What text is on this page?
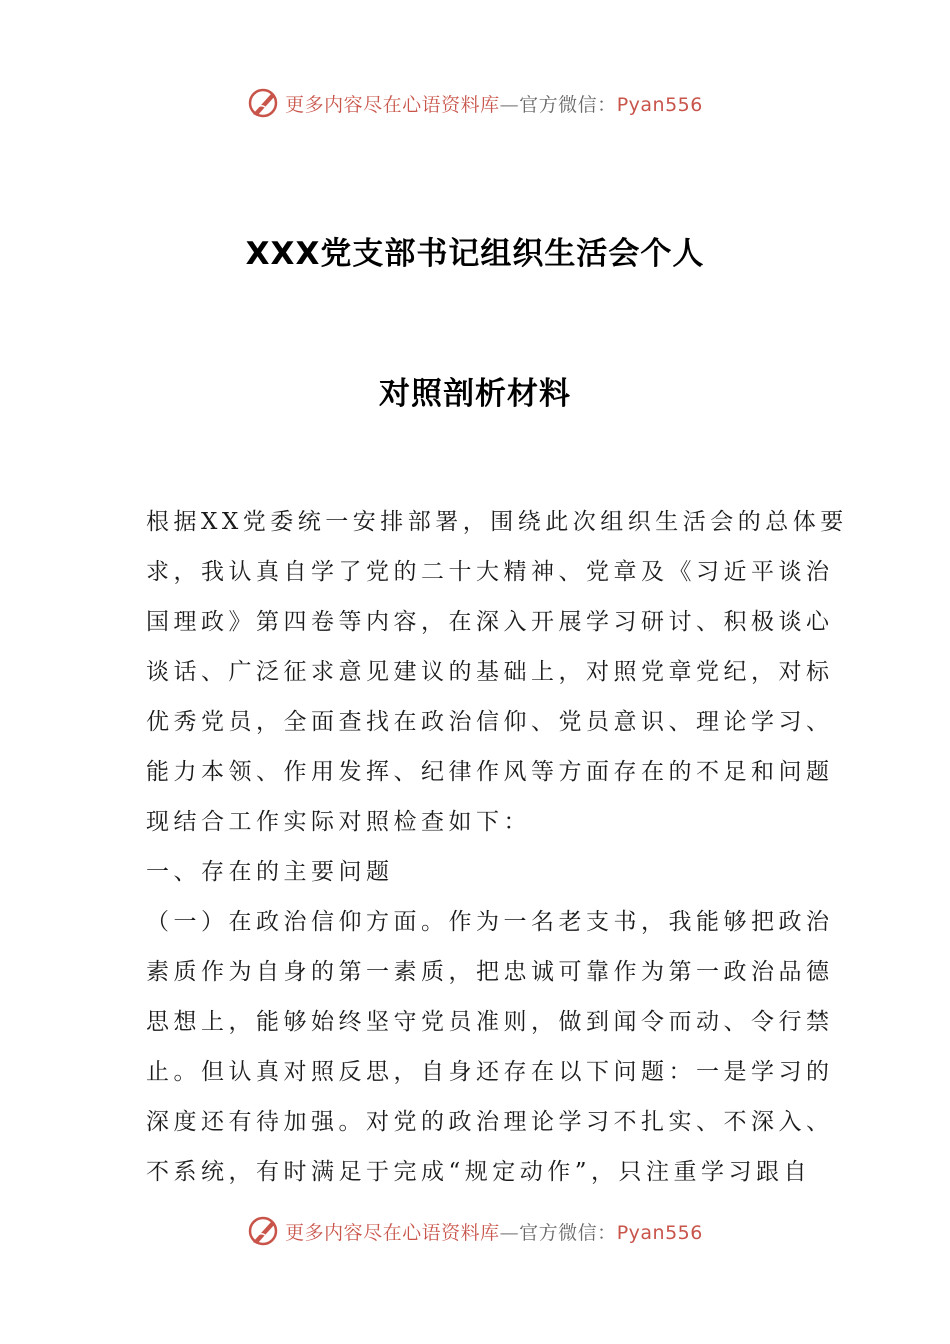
更多内容尽在心语资料库—官方微信：Pyan556
XXX党支部书记组织生活会个人
对照剖析材料

根据XX党委统一安排部署，围绕此次组织生活会的总体要

求，我认真自学了党的二十大精神、党章及《习近平谈治

国理政》第四卷等内容，在深入开展学习研讨、积极谈心

谈话、广泛征求意见建议的基础上，对照党章党纪，对标

优秀党员，全面查找在政治信仰、党员意识、理论学习、

能力本领、作用发挥、纪律作风等方面存在的不足和问题

现结合工作实际对照检查如下：

一、存在的主要问题

（一）在政治信仰方面。作为一名老支书，我能够把政治

素质作为自身的第一素质，把忠诚可靠作为第一政治品德

思想上，能够始终坚守党员准则，做到闻令而动、令行禁

止。但认真对照反思，自身还存在以下问题：一是学习的

深度还有待加强。对党的政治理论学习不扎实、不深入、

不系统，有时满足于完成“规定动作”，只注重学习跟自

更多内容尽在心语资料库—官方微信：Pyan556
